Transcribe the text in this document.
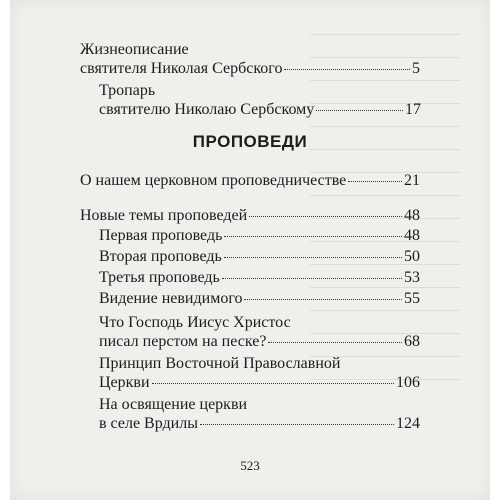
Жизнеописание
святителя Николая Сербского	5
Тропарь
святителю Николаю Сербскому	17
ПРОПОВЕДИ
О нашем церковном проповедничестве	21
Новые темы проповедей	48
Первая проповедь	48
Вторая проповедь	50
Третья проповедь	53
Видение невидимого	55
Что Господь Иисус Христос
писал перстом на песке?	68
Принцип Восточной Православной
Церкви	106
На освящение церкви
в селе Врдилы	124
523
